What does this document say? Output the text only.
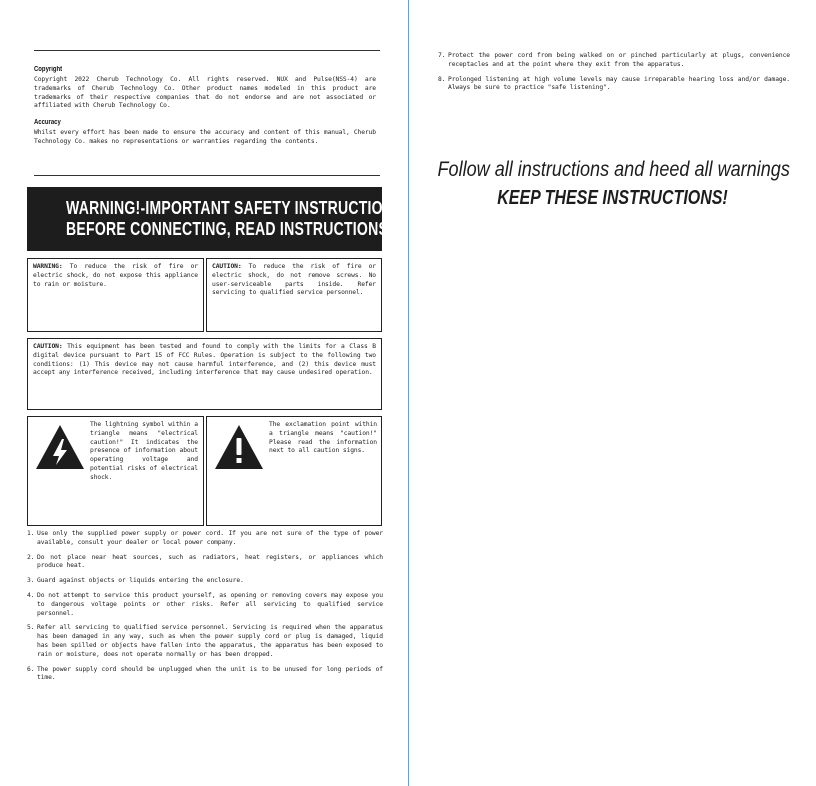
Copyright

Copyright 2022 Cherub Technology Co. All rights reserved. NUX and Pulse(NSS-4) are trademarks of Cherub Technology Co. Other product names modeled in this product are trademarks of their respective companies that do not endorse and are not associated or affiliated with Cherub Technology Co.

Accuracy

Whilst every effort has been made to ensure the accuracy and content of this manual, Cherub Technology Co. makes no representations or warranties regarding the contents.

WARNING!-IMPORTANT SAFETY INSTRUCTIONS
BEFORE CONNECTING, READ INSTRUCTIONS

WARNING: To reduce the risk of fire or electric shock, do not expose this appliance to rain or moisture.

CAUTION: To reduce the risk of fire or electric shock, do not remove screws. No user-serviceable parts inside. Refer servicing to qualified service personnel.

CAUTION: This equipment has been tested and found to comply with the limits for a Class B digital device pursuant to Part 15 of FCC Rules. Operation is subject to the following two conditions: (1) This device may not cause harmful interference, and (2) this device must accept any interference received, including interference that may cause undesired operation.

The lightning symbol within a triangle means "electrical caution!" It indicates the presence of information about operating voltage and potential risks of electrical shock.

The exclamation point within a triangle means "caution!" Please read the information next to all caution signs.

1. Use only the supplied power supply or power cord. If you are not sure of the type of power available, consult your dealer or local power company.
2. Do not place near heat sources, such as radiators, heat registers, or appliances which produce heat.
3. Guard against objects or liquids entering the enclosure.
4. Do not attempt to service this product yourself, as opening or removing covers may expose you to dangerous voltage points or other risks. Refer all servicing to qualified service personnel.
5. Refer all servicing to qualified service personnel. Servicing is required when the apparatus has been damaged in any way, such as when the power supply cord or plug is damaged, liquid has been spilled or objects have fallen into the apparatus, the apparatus has been exposed to rain or moisture, does not operate normally or has been dropped.
6. The power supply cord should be unplugged when the unit is to be unused for long periods of time.
7. Protect the power cord from being walked on or pinched particularly at plugs, convenience receptacles and at the point where they exit from the apparatus.
8. Prolonged listening at high volume levels may cause irreparable hearing loss and/or damage. Always be sure to practice "safe listening".
Follow all instructions and heed all warnings
KEEP THESE INSTRUCTIONS!
